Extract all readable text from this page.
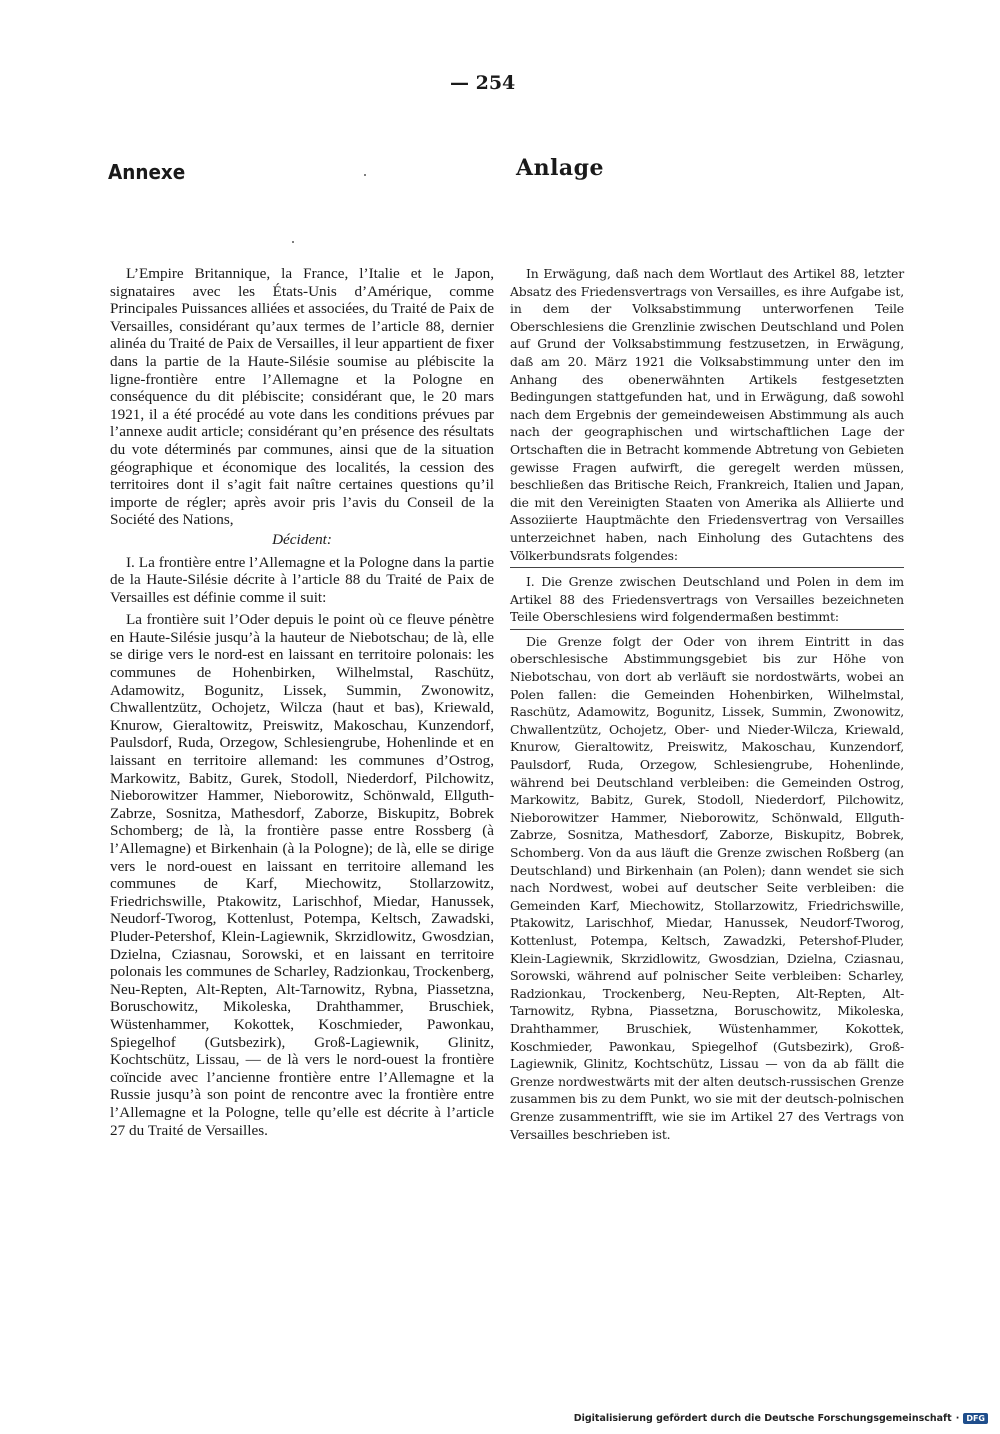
— 254
Annexe	Anlage

L’Empire Britannique, la France, l’Italie et le Japon, signataires avec les États-Unis d’Amérique, comme Principales Puissances alliées et associées, du Traité de Paix de Versailles, considérant qu’aux termes de l’article 88, dernier alinéa du Traité de Paix de Versailles, il leur appartient de fixer dans la partie de la Haute-Silésie soumise au plébiscite la ligne-frontière entre l’Allemagne et la Pologne en conséquence du dit plébiscite; considérant que, le 20 mars 1921, il a été procédé au vote dans les conditions prévues par l’annexe audit article; considérant qu’en présence des résultats du vote déterminés par communes, ainsi que de la situation géographique et économique des localités, la cession des territoires dont il s’agit fait naître certaines questions qu’il importe de régler; après avoir pris l’avis du Conseil de la Société des Nations,

Décident:

I. La frontière entre l’Allemagne et la Pologne dans la partie de la Haute-Silésie décrite à l’article 88 du Traité de Paix de Versailles est définie comme il suit:

La frontière suit l’Oder depuis le point où ce fleuve pénètre en Haute-Silésie jusqu’à la hauteur de Niebotschau; de là, elle se dirige vers le nord-est en laissant en territoire polonais: les communes de Hohenbirken, Wilhelmstal, Raschütz, Adamowitz, Bogunitz, Lissek, Summin, Zwonowitz, Chwallentzütz, Ochojetz, Wilcza (haut et bas), Kriewald, Knurow, Gieraltowitz, Preiswitz, Makoschau, Kunzendorf, Paulsdorf, Ruda, Orzegow, Schlesiengrube, Hohenlinde et en laissant en territoire allemand: les communes d’Ostrog, Markowitz, Babitz, Gurek, Stodoll, Niederdorf, Pilchowitz, Nieborowitzer Hammer, Nieborowitz, Schönwald, Ellguth-Zabrze, Sosnitza, Mathesdorf, Zaborze, Biskupitz, Bobrek Schomberg; de là, la frontière passe entre Rossberg (à l’Allemagne) et Birkenhain (à la Pologne); de là, elle se dirige vers le nord-ouest en laissant en territoire allemand les communes de Karf, Miechowitz, Stollarzowitz, Friedrichswille, Ptakowitz, Larischhof, Miedar, Hanussek, Neudorf-Tworog, Kottenlust, Potempa, Keltsch, Zawadski, Pluder-Petershof, Klein-Lagiewnik, Skrzidlowitz, Gwosdzian, Dzielna, Cziasnau, Sorowski, et en laissant en territoire polonais les communes de Scharley, Radzionkau, Trockenberg, Neu-Repten, Alt-Repten, Alt-Tarnowitz, Rybna, Piassetzna, Boruschowitz, Mikoleska, Drahthammer, Bruschiek, Wüstenhammer, Kokottek, Koschmieder, Pawonkau, Spiegelhof (Gutsbezirk), Groß-Lagiewnik, Glinitz, Kochtschütz, Lissau, — de là vers le nord-ouest la frontière coïncide avec l’ancienne frontière entre l’Allemagne et la Russie jusqu’à son point de rencontre avec la frontière entre l’Allemagne et la Pologne, telle qu’elle est décrite à l’article 27 du Traité de Versailles.

In Erwägung, daß nach dem Wortlaut des Artikel 88, letzter Absatz des Friedensvertrags von Versailles, es ihre Aufgabe ist, in dem der Volksabstimmung unterworfenen Teile Oberschlesiens die Grenzlinie zwischen Deutschland und Polen auf Grund der Volksabstimmung festzusetzen, in Erwägung, daß am 20. März 1921 die Volksabstimmung unter den im Anhang des obenerwähnten Artikels festgesetzten Bedingungen stattgefunden hat, und in Erwägung, daß sowohl nach dem Ergebnis der gemeindeweisen Abstimmung als auch nach der geographischen und wirtschaftlichen Lage der Ortschaften die in Betracht kommende Abtretung von Gebieten gewisse Fragen aufwirft, die geregelt werden müssen, beschließen das Britische Reich, Frankreich, Italien und Japan, die mit den Vereinigten Staaten von Amerika als Alliierte und Assoziierte Hauptmächte den Friedensvertrag von Versailles unterzeichnet haben, nach Einholung des Gutachtens des Völkerbundsrats folgendes:

I. Die Grenze zwischen Deutschland und Polen in dem im Artikel 88 des Friedensvertrags von Versailles bezeichneten Teile Oberschlesiens wird folgendermaßen bestimmt:

Die Grenze folgt der Oder von ihrem Eintritt in das oberschlesische Abstimmungsgebiet bis zur Höhe von Niebotschau, von dort ab verläuft sie nordostwärts, wobei an Polen fallen: die Gemeinden Hohenbirken, Wilhelmstal, Raschütz, Adamowitz, Bogunitz, Lissek, Summin, Zwonowitz, Chwallentzütz, Ochojetz, Ober- und Nieder-Wilcza, Kriewald, Knurow, Gieraltowitz, Preiswitz, Makoschau, Kunzendorf, Paulsdorf, Ruda, Orzegow, Schlesiengrube, Hohenlinde, während bei Deutschland verbleiben: die Gemeinden Ostrog, Markowitz, Babitz, Gurek, Stodoll, Niederdorf, Pilchowitz, Nieborowitzer Hammer, Nieborowitz, Schönwald, Ellguth-Zabrze, Sosnitza, Mathesdorf, Zaborze, Biskupitz, Bobrek, Schomberg. Von da aus läuft die Grenze zwischen Roßberg (an Deutschland) und Birkenhain (an Polen); dann wendet sie sich nach Nordwest, wobei auf deutscher Seite verbleiben: die Gemeinden Karf, Miechowitz, Stollarzowitz, Friedrichswille, Ptakowitz, Larischhof, Miedar, Hanussek, Neudorf-Tworog, Kottenlust, Potempa, Keltsch, Zawadzki, Petershof-Pluder, Klein-Lagiewnik, Skrzidlowitz, Gwosdzian, Dzielna, Cziasnau, Sorowski, während auf polnischer Seite verbleiben: Scharley, Radzionkau, Trockenberg, Neu-Repten, Alt-Repten, Alt-Tarnowitz, Rybna, Piassetzna, Boruschowitz, Mikoleska, Drahthammer, Bruschiek, Wüstenhammer, Kokottek, Koschmieder, Pawonkau, Spiegelhof (Gutsbezirk), Groß-Lagiewnik, Glinitz, Kochtschütz, Lissau — von da ab fällt die Grenze nordwestwärts mit der alten deutsch-russischen Grenze zusammen bis zu dem Punkt, wo sie mit der deutsch-polnischen Grenze zusammentrifft, wie sie im Artikel 27 des Vertrags von Versailles beschrieben ist.

Digitalisierung gefördert durch die Deutsche Forschungsgemeinschaft · DFG
